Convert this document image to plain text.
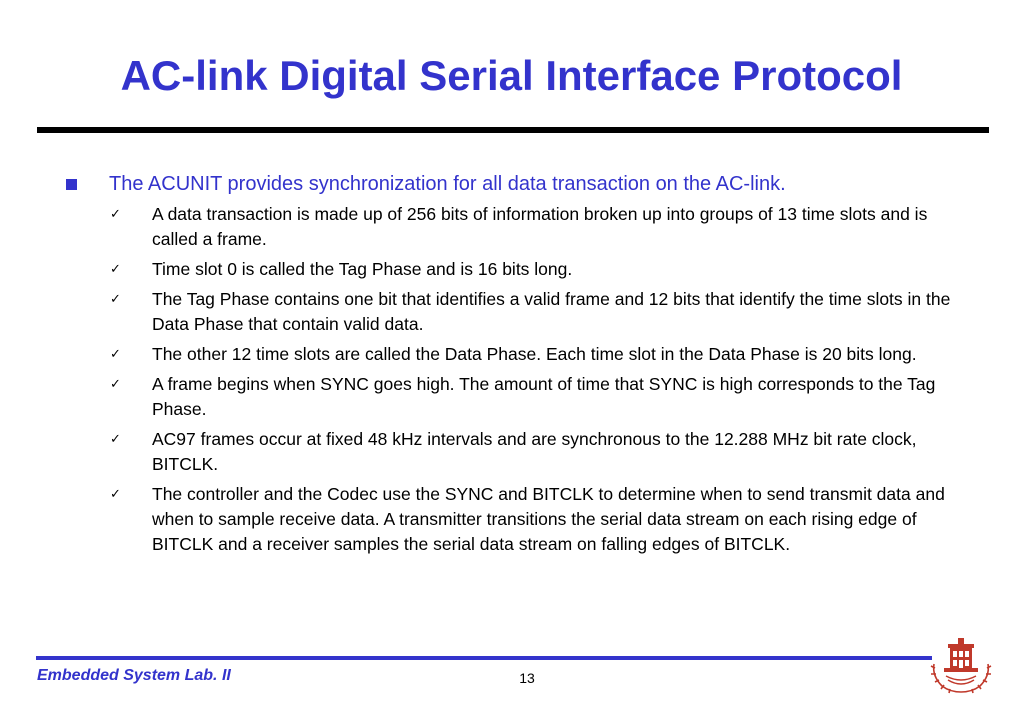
AC-link Digital Serial Interface Protocol
The ACUNIT provides synchronization for all data transaction on the AC-link.
✓ A data transaction is made up of 256 bits of information broken up into groups of 13 time slots and is called a frame.
✓ Time slot 0 is called the Tag Phase and is 16 bits long.
✓ The Tag Phase contains one bit that identifies a valid frame and 12 bits that identify the time slots in the Data Phase that contain valid data.
✓ The other 12 time slots are called the Data Phase. Each time slot in the Data Phase is 20 bits long.
✓ A frame begins when SYNC goes high. The amount of time that SYNC is high corresponds to the Tag Phase.
✓ AC97 frames occur at fixed 48 kHz intervals and are synchronous to the 12.288 MHz bit rate clock, BITCLK.
✓ The controller and the Codec use the SYNC and BITCLK to determine when to send transmit data and when to sample receive data. A transmitter transitions the serial data stream on each rising edge of BITCLK and a receiver samples the serial data stream on falling edges of BITCLK.
Embedded System Lab. II	13
